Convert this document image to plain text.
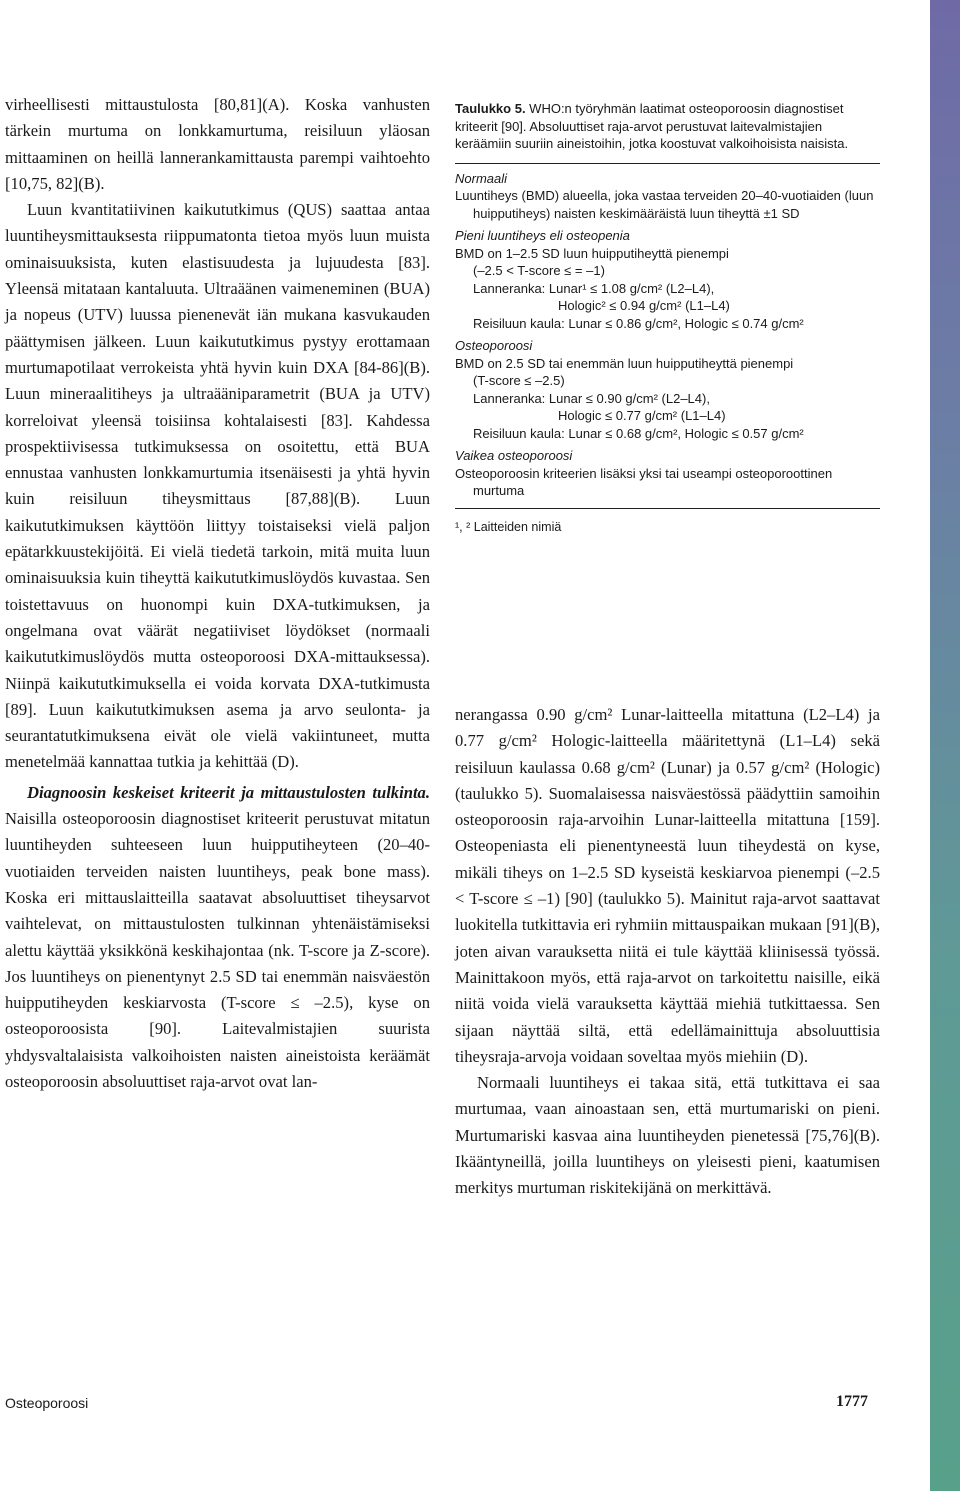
virheellisesti mittaustulosta [80,81](A). Koska vanhusten tärkein murtuma on lonkkamurtuma, reisiluun yläosan mittaaminen on heillä lannerankamittausta parempi vaihtoehto [10,75, 82](B).

Luun kvantitatiivinen kaikututkimus (QUS) saattaa antaa luuntiheysmittauksesta riippumatonta tietoa myös luun muista ominaisuuksista, kuten elastisuudesta ja lujuudesta [83]. Yleensä mitataan kantaluuta. Ultraäänen vaimeneminen (BUA) ja nopeus (UTV) luussa pienenevät iän mukana kasvukauden päättymisen jälkeen. Luun kaikututkimus pystyy erottamaan murtumapotilaat verrokeista yhtä hyvin kuin DXA [84-86](B). Luun mineraalitiheys ja ultraääniparametrit (BUA ja UTV) korreloivat yleensä toisiinsa kohtalaisesti [83]. Kahdessa prospektiivisessa tutkimuksessa on osoitettu, että BUA ennustaa vanhusten lonkkamurtumia itsenäisesti ja yhtä hyvin kuin reisiluun tiheysmittaus [87,88](B). Luun kaikututkimuksen käyttöön liittyy toistaiseksi vielä paljon epätarkkuustekijöitä. Ei vielä tiedetä tarkoin, mitä muita luun ominaisuuksia kuin tiheyttä kaikututkimuslöydös kuvastaa. Sen toistettavuus on huonompi kuin DXA-tutkimuksen, ja ongelmana ovat väärät negatiiviset löydökset (normaali kaikututkimuslöydös mutta osteoporoosi DXA-mittauksessa). Niinpä kaikututkimuksella ei voida korvata DXA-tutkimusta [89]. Luun kaikututkimuksen asema ja arvo seulonta- ja seurantatutkimuksena eivät ole vielä vakiintuneet, mutta menetelmää kannattaa tutkia ja kehittää (D).

Diagnoosin keskeiset kriteerit ja mittaustulosten tulkinta. Naisilla osteoporoosin diagnostiset kriteerit perustuvat mitatun luuntiheyden suhteeseen luun huipputiheyteen (20–40-vuotiaiden terveiden naisten luuntiheys, peak bone mass). Koska eri mittauslaitteilla saatavat absoluuttiset tiheysarvot vaihtelevat, on mittaustulosten tulkinnan yhtenäistämiseksi alettu käyttää yksikkönä keskihajontaa (nk. T-score ja Z-score). Jos luuntiheys on pienentynyt 2.5 SD tai enemmän naisväestön huipputiheyden keskiarvosta (T-score ≤ –2.5), kyse on osteoporoosista [90]. Laitevalmistajien suurista yhdysvaltalaisista valkoihoisten naisten aineistoista keräämät osteoporoosin absoluuttiset raja-arvot ovat lan-

Taulukko 5. WHO:n työryhmän laatimat osteoporoosin diagnostiset kriteerit [90]. Absoluuttiset raja-arvot perustuvat laitevalmistajien keräämiin suuriin aineistoihin, jotka koostuvat valkoihoisista naisista.

Normaali
Luuntiheys (BMD) alueella, joka vastaa terveiden 20–40-vuotiaiden (luun huipputiheys) naisten keskimääräistä luun tiheyttä ±1 SD
Pieni luuntiheys eli osteopenia
BMD on 1–2.5 SD luun huipputiheyttä pienempi
(–2.5 < T-score ≤ = –1)
Lanneranka: Lunar¹ ≤ 1.08 g/cm² (L2–L4),
Hologic² ≤ 0.94 g/cm² (L1–L4)
Reisiluun kaula: Lunar ≤ 0.86 g/cm², Hologic ≤ 0.74 g/cm²
Osteoporoosi
BMD on 2.5 SD tai enemmän luun huipputiheyttä pienempi
(T-score ≤ –2.5)
Lanneranka: Lunar ≤ 0.90 g/cm² (L2–L4),
Hologic ≤ 0.77 g/cm² (L1–L4)
Reisiluun kaula: Lunar ≤ 0.68 g/cm², Hologic ≤ 0.57 g/cm²
Vaikea osteoporoosi
Osteoporoosin kriteerien lisäksi yksi tai useampi osteoporoottinen murtuma
¹, ² Laitteiden nimiä

nerangassa 0.90 g/cm² Lunar-laitteella mitattuna (L2–L4) ja 0.77 g/cm² Hologic-laitteella määritettynä (L1–L4) sekä reisiluun kaulassa 0.68 g/cm² (Lunar) ja 0.57 g/cm² (Hologic) (taulukko 5). Suomalaisessa naisväestössä päädyttiin samoihin osteoporoosin raja-arvoihin Lunar-laitteella mitattuna [159]. Osteopeniasta eli pienentyneestä luun tiheydestä on kyse, mikäli tiheys on 1–2.5 SD kyseistä keskiarvoa pienempi (–2.5 < T-score ≤ –1) [90] (taulukko 5). Mainitut raja-arvot saattavat luokitella tutkittavia eri ryhmiin mittauspaikan mukaan [91](B), joten aivan varauksetta niitä ei tule käyttää kliinisessä työssä. Mainittakoon myös, että raja-arvot on tarkoitettu naisille, eikä niitä voida vielä varauksetta käyttää miehiä tutkittaessa. Sen sijaan näyttää siltä, että edellämainittuja absoluuttisia tiheysraja-arvoja voidaan soveltaa myös miehiin (D).

Normaali luuntiheys ei takaa sitä, että tutkittava ei saa murtumaa, vaan ainoastaan sen, että murtumariski on pieni. Murtumariski kasvaa aina luuntiheyden pienetessä [75,76](B). Ikääntyneillä, joilla luuntiheys on yleisesti pieni, kaatumisen merkitys murtuman riskitekijänä on merkittävä.

Osteoporoosi	1777
